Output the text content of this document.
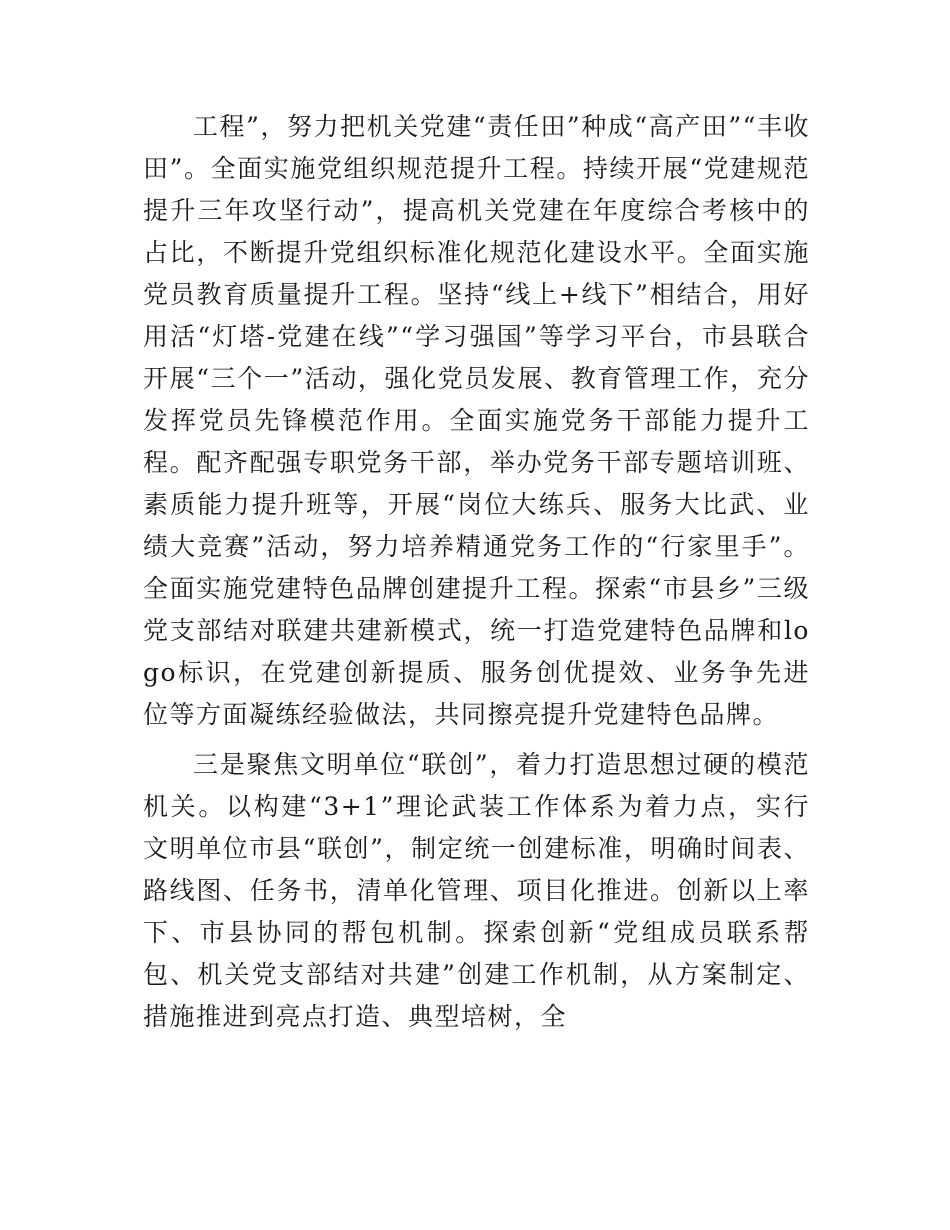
工程”，努力把机关党建“责任田”种成“高产田”“丰收田”。全面实施党组织规范提升工程。持续开展“党建规范提升三年攻坚行动”，提高机关党建在年度综合考核中的占比，不断提升党组织标准化规范化建设水平。全面实施党员教育质量提升工程。坚持“线上+线下”相结合，用好用活“灯塔-党建在线”“学习强国”等学习平台，市县联合开展“三个一”活动，强化党员发展、教育管理工作，充分发挥党员先锋模范作用。全面实施党务干部能力提升工程。配齐配强专职党务干部，举办党务干部专题培训班、素质能力提升班等，开展“岗位大练兵、服务大比武、业绩大竞赛”活动，努力培养精通党务工作的“行家里手”。全面实施党建特色品牌创建提升工程。探索“市县乡”三级党支部结对联建共建新模式，统一打造党建特色品牌和logo标识，在党建创新提质、服务创优提效、业务争先进位等方面凝练经验做法，共同擦亮提升党建特色品牌。

三是聚焦文明单位“联创”，着力打造思想过硬的模范机关。以构建“3+1”理论武装工作体系为着力点，实行文明单位市县“联创”，制定统一创建标准，明确时间表、路线图、任务书，清单化管理、项目化推进。创新以上率下、市县协同的帮包机制。探索创新“党组成员联系帮包、机关党支部结对共建”创建工作机制，从方案制定、措施推进到亮点打造、典型培树，全
